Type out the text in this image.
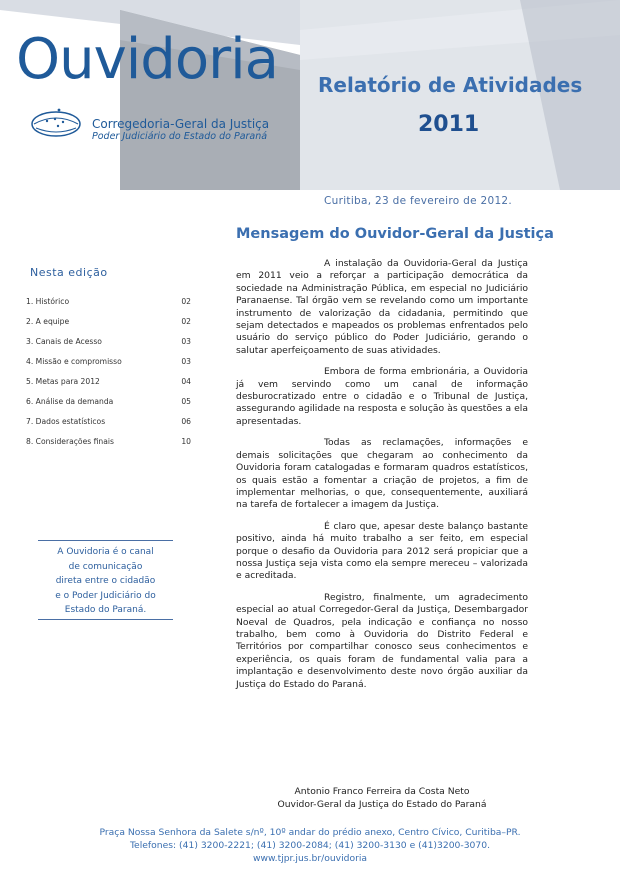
Ouvidoria
Corregedoria-Geral da Justiça
Poder Judiciário do Estado do Paraná
Relatório de Atividades
2011
Curitiba, 23 de fevereiro de 2012.
Mensagem do Ouvidor-Geral da Justiça
Nesta edição
1. Histórico	02
2. A equipe	02
3. Canais de Acesso	03
4. Missão e compromisso	03
5. Metas para 2012	04
6. Análise da demanda	05
7. Dados estatísticos	06
8. Considerações finais	10
A Ouvidoria é o canal
de comunicação
direta entre o cidadão
e o Poder Judiciário do
Estado do Paraná.

A instalação da Ouvidoria-Geral da Justiça em 2011 veio a reforçar a participação democrática da sociedade na Administração Pública, em especial no Judiciário Paranaense. Tal órgão vem se revelando como um importante instrumento de valorização da cidadania, permitindo que sejam detectados e mapeados os problemas enfrentados pelo usuário do serviço público do Poder Judiciário, gerando o salutar aperfeiçoamento de suas atividades.

Embora de forma embrionária, a Ouvidoria já vem servindo como um canal de informação desburocratizado entre o cidadão e o Tribunal de Justiça, assegurando agilidade na resposta e solução às questões a ela apresentadas.

Todas as reclamações, informações e demais solicitações que chegaram ao conhecimento da Ouvidoria foram catalogadas e formaram quadros estatísticos, os quais estão a fomentar a criação de projetos, a fim de implementar melhorias, o que, consequentemente, auxiliará na tarefa de fortalecer a imagem da Justiça.

É claro que, apesar deste balanço bastante positivo, ainda há muito trabalho a ser feito, em especial porque o desafio da Ouvidoria para 2012 será propiciar que a nossa Justiça seja vista como ela sempre mereceu – valorizada e acreditada.

Registro, finalmente, um agradecimento especial ao atual Corregedor-Geral da Justiça, Desembargador Noeval de Quadros, pela indicação e confiança no nosso trabalho, bem como à Ouvidoria do Distrito Federal e Territórios por compartilhar conosco seus conhecimentos e experiência, os quais foram de fundamental valia para a implantação e desenvolvimento deste novo órgão auxiliar da Justiça do Estado do Paraná.

Antonio Franco Ferreira da Costa Neto
Ouvidor-Geral da Justiça do Estado do Paraná
Praça Nossa Senhora da Salete s/nº, 10º andar do prédio anexo, Centro Cívico, Curitiba–PR.
Telefones: (41) 3200-2221; (41) 3200-2084; (41) 3200-3130 e (41)3200-3070.
www.tjpr.jus.br/ouvidoria
